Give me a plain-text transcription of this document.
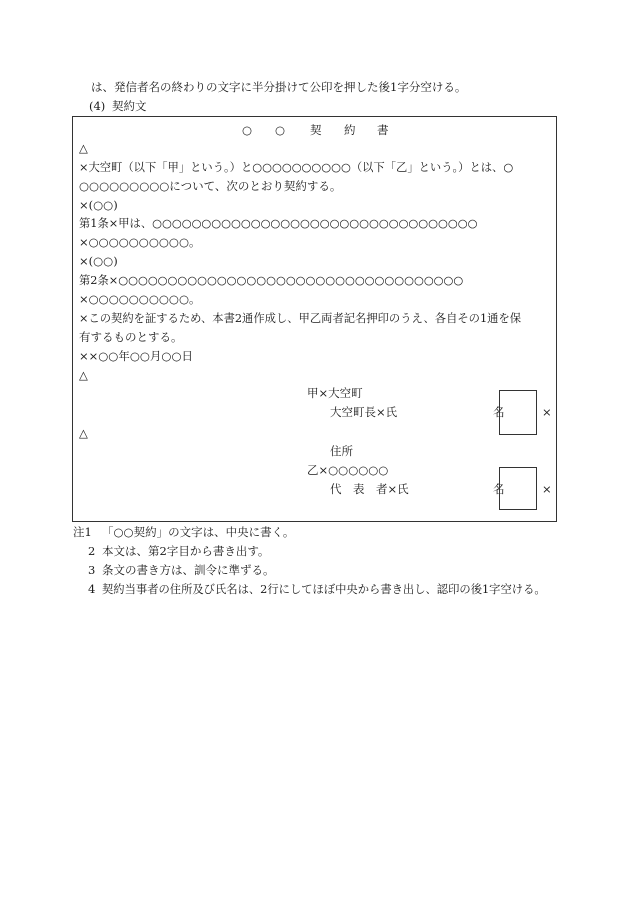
は、発信者名の終わりの文字に半分掛けて公印を押した後1字分空ける。
(4) 契約文
○ ○ 契 約 書
△
×大空町（以下「甲」という。）と○○○○○○○○○○（以下「乙」という。）とは、○
○○○○○○○○○について、次のとおり契約する。
×(○○)
第1条×甲は、○○○○○○○○○○○○○○○○○○○○○○○○○○○○○○○○○
×○○○○○○○○○○。
×(○○)
第2条×○○○○○○○○○○○○○○○○○○○○○○○○○○○○○○○○○○○
×○○○○○○○○○○。
×この契約を証するため、本書2通作成し、甲乙両者記名押印のうえ、各自その1通を保
有するものとする。
××○○年○○月○○日
△
甲×大空町
大空町長×氏	名	×
△
住所
乙×○○○○○○
代　表　者×氏	名	×
注1 「○○契約」の文字は、中央に書く。
2 本文は、第2字目から書き出す。
3 条文の書き方は、訓令に準ずる。
4 契約当事者の住所及び氏名は、2行にしてほぼ中央から書き出し、認印の後1字空ける。
